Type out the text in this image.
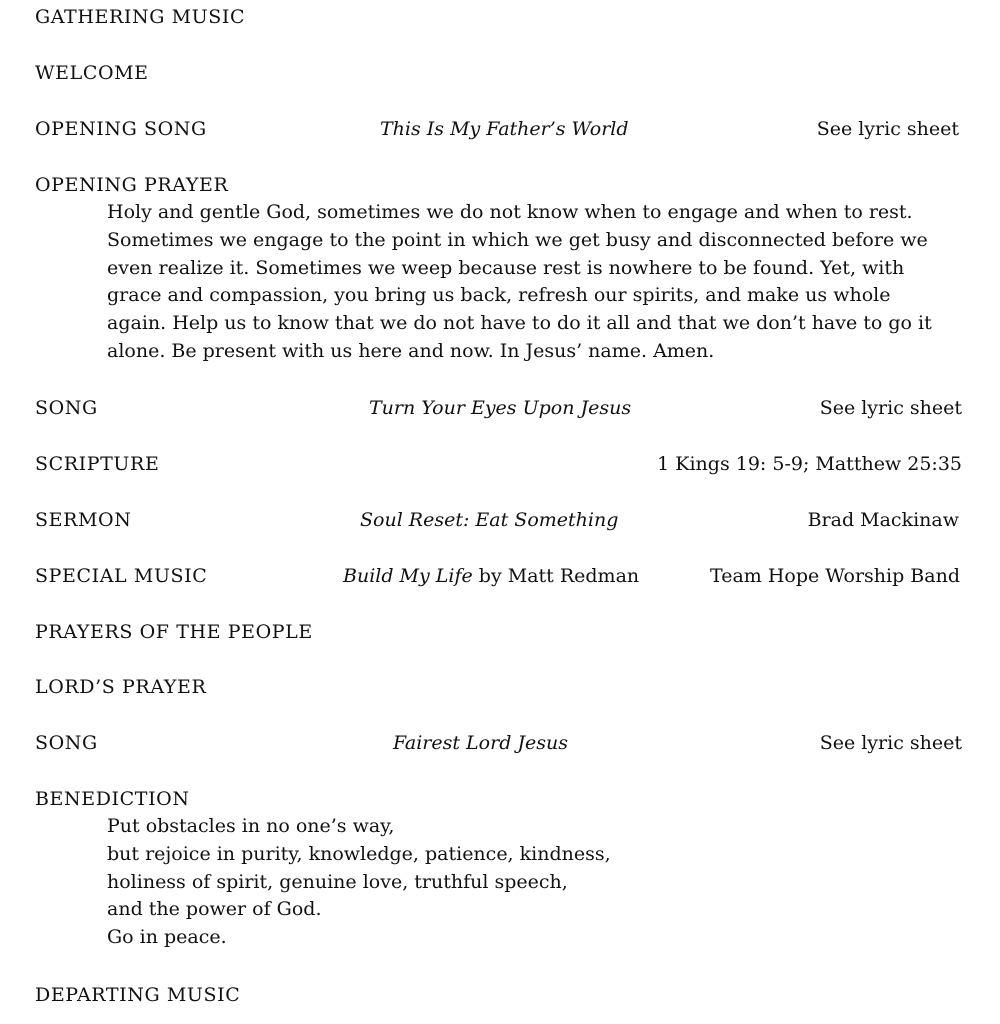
GATHERING MUSIC
WELCOME
OPENING SONG	This Is My Father’s World	See lyric sheet
OPENING PRAYER
Holy and gentle God, sometimes we do not know when to engage and when to rest.
Sometimes we engage to the point in which we get busy and disconnected before we
even realize it. Sometimes we weep because rest is nowhere to be found. Yet, with
grace and compassion, you bring us back, refresh our spirits, and make us whole
again. Help us to know that we do not have to do it all and that we don’t have to go it
alone. Be present with us here and now. In Jesus’ name. Amen.
SONG	Turn Your Eyes Upon Jesus	See lyric sheet
SCRIPTURE	1 Kings 19: 5-9; Matthew 25:35
SERMON	Soul Reset: Eat Something	Brad Mackinaw
SPECIAL MUSIC	Build My Life by Matt Redman	Team Hope Worship Band
PRAYERS OF THE PEOPLE
LORD’S PRAYER
SONG	Fairest Lord Jesus	See lyric sheet
BENEDICTION
Put obstacles in no one’s way,
but rejoice in purity, knowledge, patience, kindness,
holiness of spirit, genuine love, truthful speech,
and the power of God.
Go in peace.
DEPARTING MUSIC
